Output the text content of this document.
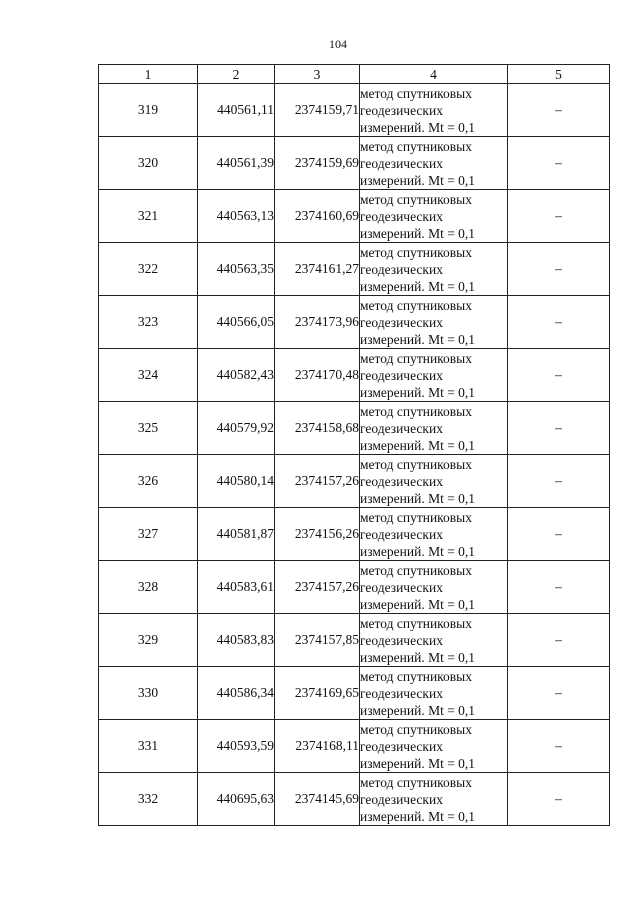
104
1	2	3	4	5
319	440561,11	2374159,71	метод спутниковых
геодезических
измерений. Mt = 0,1	–
320	440561,39	2374159,69	метод спутниковых
геодезических
измерений. Mt = 0,1	–
321	440563,13	2374160,69	метод спутниковых
геодезических
измерений. Mt = 0,1	–
322	440563,35	2374161,27	метод спутниковых
геодезических
измерений. Mt = 0,1	–
323	440566,05	2374173,96	метод спутниковых
геодезических
измерений. Mt = 0,1	–
324	440582,43	2374170,48	метод спутниковых
геодезических
измерений. Mt = 0,1	–
325	440579,92	2374158,68	метод спутниковых
геодезических
измерений. Mt = 0,1	–
326	440580,14	2374157,26	метод спутниковых
геодезических
измерений. Mt = 0,1	–
327	440581,87	2374156,26	метод спутниковых
геодезических
измерений. Mt = 0,1	–
328	440583,61	2374157,26	метод спутниковых
геодезических
измерений. Mt = 0,1	–
329	440583,83	2374157,85	метод спутниковых
геодезических
измерений. Mt = 0,1	–
330	440586,34	2374169,65	метод спутниковых
геодезических
измерений. Mt = 0,1	–
331	440593,59	2374168,11	метод спутниковых
геодезических
измерений. Mt = 0,1	–
332	440695,63	2374145,69	метод спутниковых
геодезических
измерений. Mt = 0,1	–
